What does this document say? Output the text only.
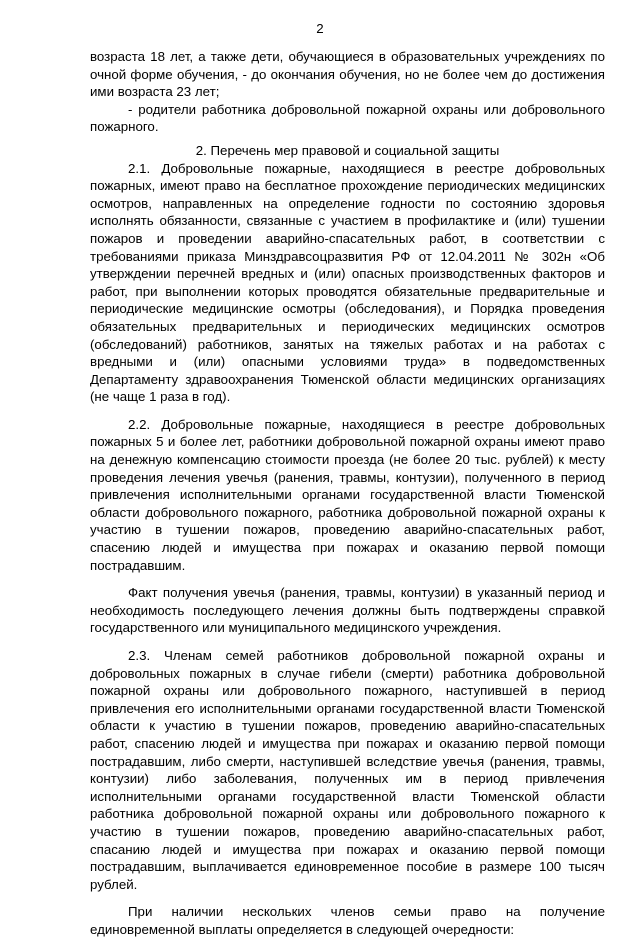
2

возраста 18 лет, а также дети, обучающиеся в образовательных учреждениях по очной форме обучения, - до окончания обучения, но не более чем до достижения ими возраста 23 лет;

- родители работника добровольной пожарной охраны или добровольного пожарного.

2. Перечень мер правовой и социальной защиты

2.1. Добровольные пожарные, находящиеся в реестре добровольных пожарных, имеют право на бесплатное прохождение периодических медицинских осмотров, направленных на определение годности по состоянию здоровья исполнять обязанности, связанные с участием в профилактике и (или) тушении пожаров и проведении аварийно-спасательных работ, в соответствии с требованиями приказа Минздравсоцразвития РФ от 12.04.2011 № 302н «Об утверждении перечней вредных и (или) опасных производственных факторов и работ, при выполнении которых проводятся обязательные предварительные и периодические медицинские осмотры (обследования), и Порядка проведения обязательных предварительных и периодических медицинских осмотров (обследований) работников, занятых на тяжелых работах и на работах с вредными и (или) опасными условиями труда» в подведомственных Департаменту здравоохранения Тюменской области медицинских организациях (не чаще 1 раза в год).

2.2. Добровольные пожарные, находящиеся в реестре добровольных пожарных 5 и более лет, работники добровольной пожарной охраны имеют право на денежную компенсацию стоимости проезда (не более 20 тыс. рублей) к месту проведения лечения увечья (ранения, травмы, контузии), полученного в период привлечения исполнительными органами государственной власти Тюменской области добровольного пожарного, работника добровольной пожарной охраны к участию в тушении пожаров, проведению аварийно-спасательных работ, спасению людей и имущества при пожарах и оказанию первой помощи пострадавшим.

Факт получения увечья (ранения, травмы, контузии) в указанный период и необходимость последующего лечения должны быть подтверждены справкой государственного или муниципального медицинского учреждения.

2.3. Членам семей работников добровольной пожарной охраны и добровольных пожарных в случае гибели (смерти) работника добровольной пожарной охраны или добровольного пожарного, наступившей в период привлечения его исполнительными органами государственной власти Тюменской области к участию в тушении пожаров, проведению аварийно-спасательных работ, спасению людей и имущества при пожарах и оказанию первой помощи пострадавшим, либо смерти, наступившей вследствие увечья (ранения, травмы, контузии) либо заболевания, полученных им в период привлечения исполнительными органами государственной власти Тюменской области работника добровольной пожарной охраны или добровольного пожарного к участию в тушении пожаров, проведению аварийно-спасательных работ, спасанию людей и имущества при пожарах и оказанию первой помощи пострадавшим, выплачивается единовременное пособие в размере 100 тысяч рублей.

При наличии нескольких членов семьи право на получение единовременной выплаты определяется в следующей очередности:
